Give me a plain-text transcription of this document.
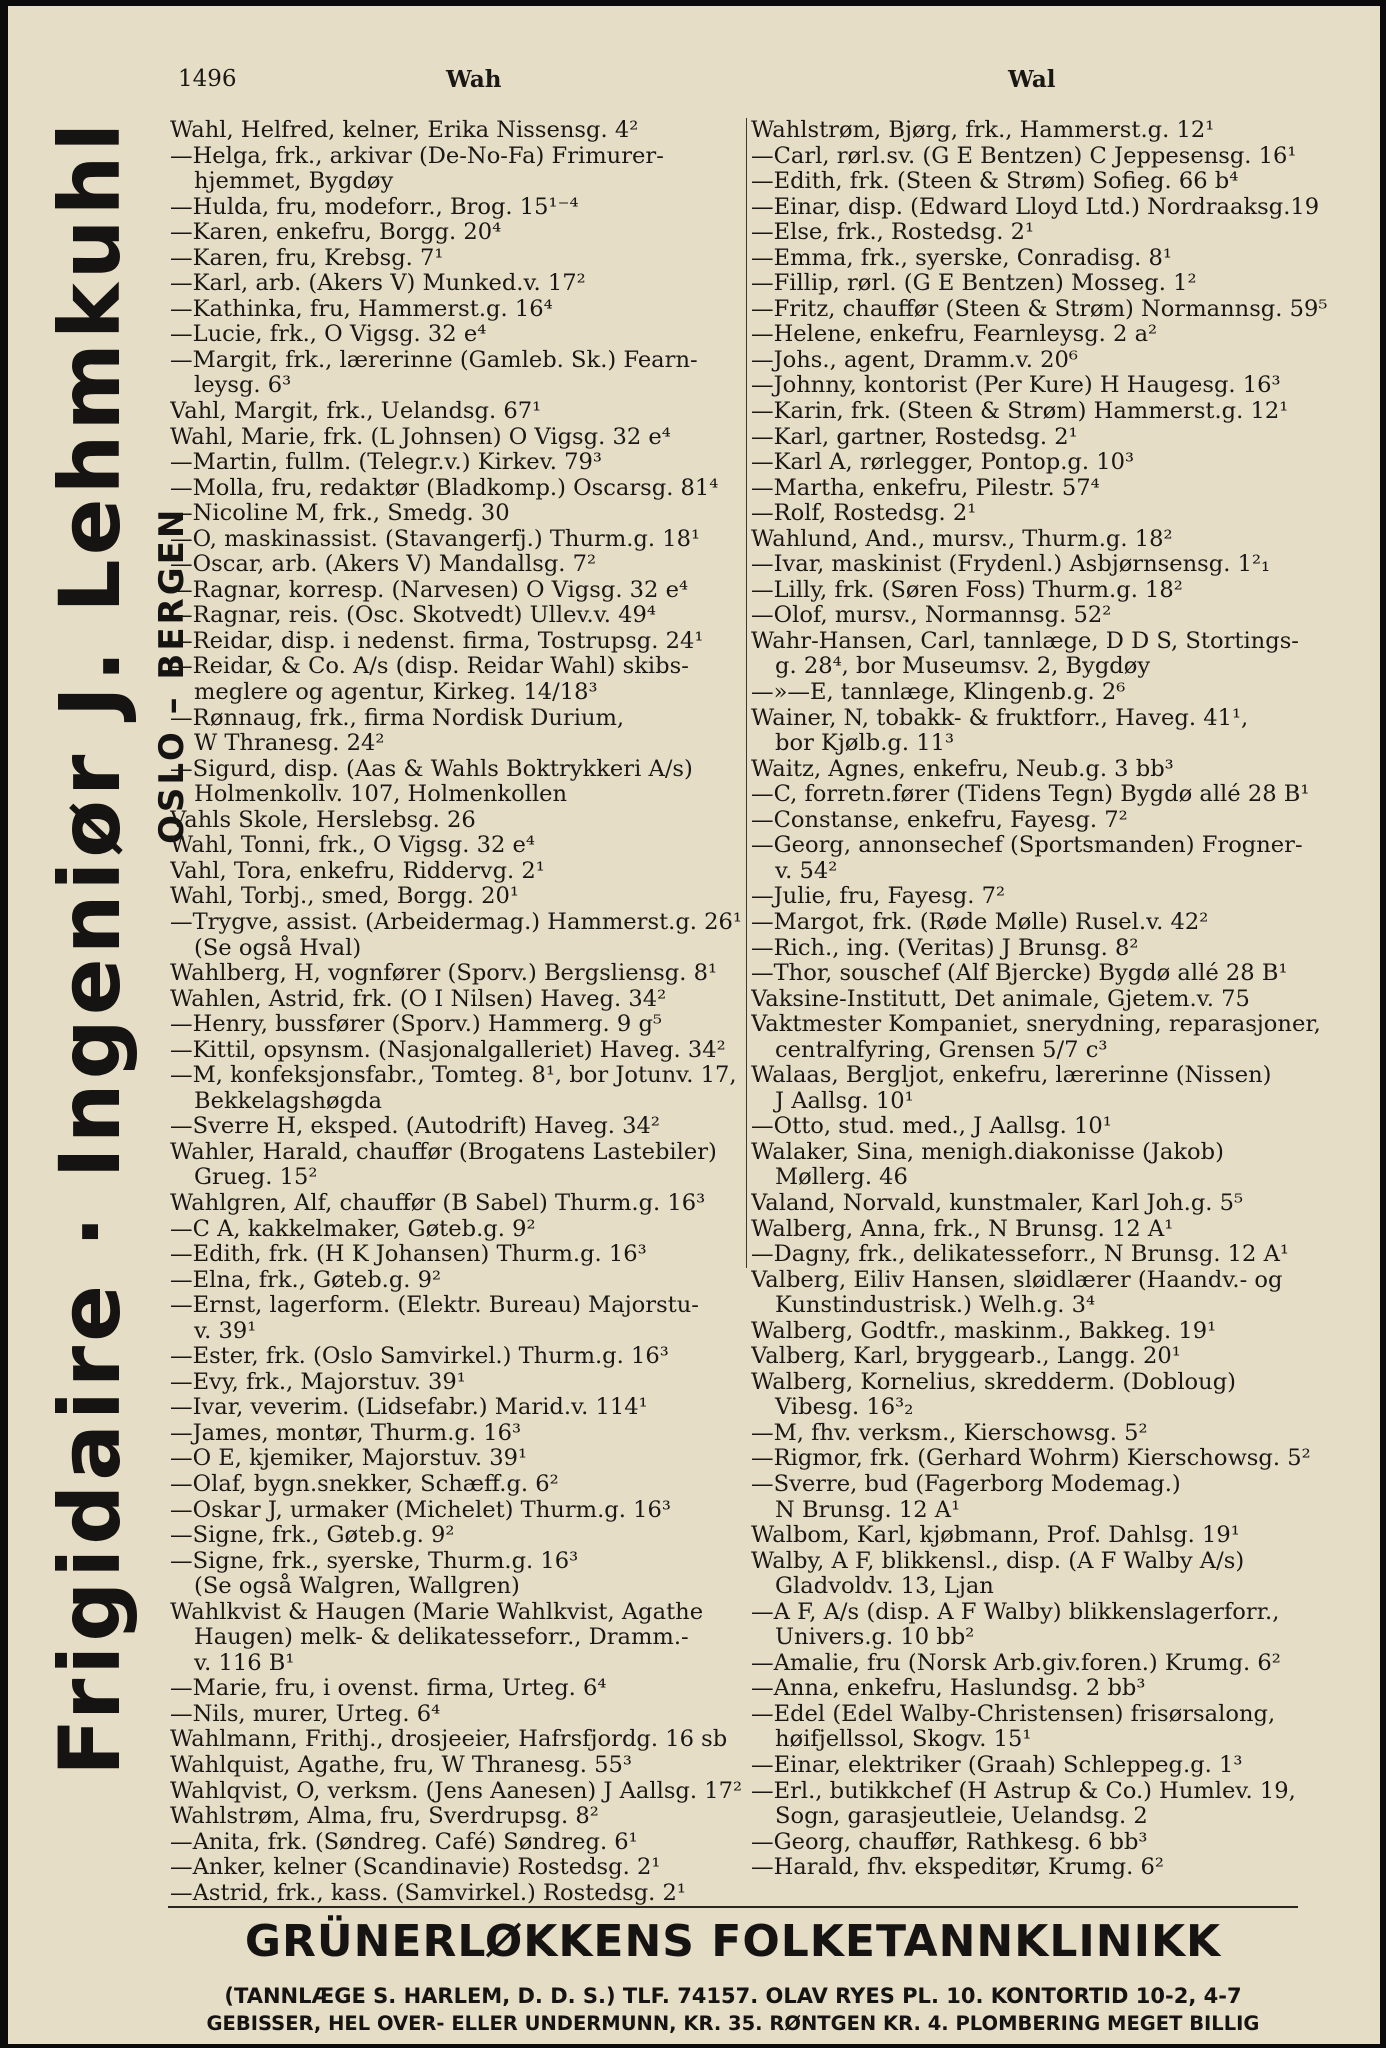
Frigidaire · Ingeniør J. Lehmkuhl OSLO – BERGEN
1496	Wah	Wal
Wahl, Helfred, kelner, Erika Nissensg. 4²
—Helga, frk., arkivar (De-No-Fa) Frimurer-
hjemmet, Bygdøy
—Hulda, fru, modeforr., Brog. 15¹⁻⁴
—Karen, enkefru, Borgg. 20⁴
—Karen, fru, Krebsg. 7¹
—Karl, arb. (Akers V) Munked.v. 17²
—Kathinka, fru, Hammerst.g. 16⁴
—Lucie, frk., O Vigsg. 32 e⁴
—Margit, frk., lærerinne (Gamleb. Sk.) Fearn-
leysg. 6³
Vahl, Margit, frk., Uelandsg. 67¹
Wahl, Marie, frk. (L Johnsen) O Vigsg. 32 e⁴
—Martin, fullm. (Telegr.v.) Kirkev. 79³
—Molla, fru, redaktør (Bladkomp.) Oscarsg. 81⁴
—Nicoline M, frk., Smedg. 30
—O, maskinassist. (Stavangerfj.) Thurm.g. 18¹
—Oscar, arb. (Akers V) Mandallsg. 7²
—Ragnar, korresp. (Narvesen) O Vigsg. 32 e⁴
—Ragnar, reis. (Osc. Skotvedt) Ullev.v. 49⁴
—Reidar, disp. i nedenst. firma, Tostrupsg. 24¹
—Reidar, & Co. A/s (disp. Reidar Wahl) skibs-
meglere og agentur, Kirkeg. 14/18³
—Rønnaug, frk., firma Nordisk Durium,
W Thranesg. 24²
—Sigurd, disp. (Aas & Wahls Boktrykkeri A/s)
Holmenkollv. 107, Holmenkollen
Vahls Skole, Herslebsg. 26
Wahl, Tonni, frk., O Vigsg. 32 e⁴
Vahl, Tora, enkefru, Riddervg. 2¹
Wahl, Torbj., smed, Borgg. 20¹
—Trygve, assist. (Arbeidermag.) Hammerst.g. 26¹
(Se også Hval)
Wahlberg, H, vognfører (Sporv.) Bergsliensg. 8¹
Wahlen, Astrid, frk. (O I Nilsen) Haveg. 34²
—Henry, bussfører (Sporv.) Hammerg. 9 g⁵
—Kittil, opsynsm. (Nasjonalgalleriet) Haveg. 34²
—M, konfeksjonsfabr., Tomteg. 8¹, bor Jotunv. 17,
Bekkelagshøgda
—Sverre H, eksped. (Autodrift) Haveg. 34²
Wahler, Harald, chauffør (Brogatens Lastebiler)
Grueg. 15²
Wahlgren, Alf, chauffør (B Sabel) Thurm.g. 16³
—C A, kakkelmaker, Gøteb.g. 9²
—Edith, frk. (H K Johansen) Thurm.g. 16³
—Elna, frk., Gøteb.g. 9²
—Ernst, lagerform. (Elektr. Bureau) Majorstu-
v. 39¹
—Ester, frk. (Oslo Samvirkel.) Thurm.g. 16³
—Evy, frk., Majorstuv. 39¹
—Ivar, veverim. (Lidsefabr.) Marid.v. 114¹
—James, montør, Thurm.g. 16³
—O E, kjemiker, Majorstuv. 39¹
—Olaf, bygn.snekker, Schæff.g. 6²
—Oskar J, urmaker (Michelet) Thurm.g. 16³
—Signe, frk., Gøteb.g. 9²
—Signe, frk., syerske, Thurm.g. 16³
(Se også Walgren, Wallgren)
Wahlkvist & Haugen (Marie Wahlkvist, Agathe
Haugen) melk- & delikatesseforr., Dramm.-
v. 116 B¹
—Marie, fru, i ovenst. firma, Urteg. 6⁴
—Nils, murer, Urteg. 6⁴
Wahlmann, Frithj., drosjeeier, Hafrsfjordg. 16 sb
Wahlquist, Agathe, fru, W Thranesg. 55³
Wahlqvist, O, verksm. (Jens Aanesen) J Aallsg. 17²
Wahlstrøm, Alma, fru, Sverdrupsg. 8²
—Anita, frk. (Søndreg. Café) Søndreg. 6¹
—Anker, kelner (Scandinavie) Rostedsg. 2¹
—Astrid, frk., kass. (Samvirkel.) Rostedsg. 2¹
Wahlstrøm, Bjørg, frk., Hammerst.g. 12¹
—Carl, rørl.sv. (G E Bentzen) C Jeppesensg. 16¹
—Edith, frk. (Steen & Strøm) Sofieg. 66 b⁴
—Einar, disp. (Edward Lloyd Ltd.) Nordraaksg.19
—Else, frk., Rostedsg. 2¹
—Emma, frk., syerske, Conradisg. 8¹
—Fillip, rørl. (G E Bentzen) Mosseg. 1²
—Fritz, chauffør (Steen & Strøm) Normannsg. 59⁵
—Helene, enkefru, Fearnleysg. 2 a²
—Johs., agent, Dramm.v. 20⁶
—Johnny, kontorist (Per Kure) H Haugesg. 16³
—Karin, frk. (Steen & Strøm) Hammerst.g. 12¹
—Karl, gartner, Rostedsg. 2¹
—Karl A, rørlegger, Pontop.g. 10³
—Martha, enkefru, Pilestr. 57⁴
—Rolf, Rostedsg. 2¹
Wahlund, And., mursv., Thurm.g. 18²
—Ivar, maskinist (Frydenl.) Asbjørnsensg. 1²₁
—Lilly, frk. (Søren Foss) Thurm.g. 18²
—Olof, mursv., Normannsg. 52²
Wahr-Hansen, Carl, tannlæge, D D S, Stortings-
g. 28⁴, bor Museumsv. 2, Bygdøy
—»—E, tannlæge, Klingenb.g. 2⁶
Wainer, N, tobakk- & fruktforr., Haveg. 41¹,
bor Kjølb.g. 11³
Waitz, Agnes, enkefru, Neub.g. 3 bb³
—C, forretn.fører (Tidens Tegn) Bygdø allé 28 B¹
—Constanse, enkefru, Fayesg. 7²
—Georg, annonsechef (Sportsmanden) Frogner-
v. 54²
—Julie, fru, Fayesg. 7²
—Margot, frk. (Røde Mølle) Rusel.v. 42²
—Rich., ing. (Veritas) J Brunsg. 8²
—Thor, souschef (Alf Bjercke) Bygdø allé 28 B¹
Vaksine-Institutt, Det animale, Gjetem.v. 75
Vaktmester Kompaniet, snerydning, reparasjoner,
centralfyring, Grensen 5/7 c³
Walaas, Bergljot, enkefru, lærerinne (Nissen)
J Aallsg. 10¹
—Otto, stud. med., J Aallsg. 10¹
Walaker, Sina, menigh.diakonisse (Jakob)
Møllerg. 46
Valand, Norvald, kunstmaler, Karl Joh.g. 5⁵
Walberg, Anna, frk., N Brunsg. 12 A¹
—Dagny, frk., delikatesseforr., N Brunsg. 12 A¹
Valberg, Eiliv Hansen, sløidlærer (Haandv.- og
Kunstindustrisk.) Welh.g. 3⁴
Walberg, Godtfr., maskinm., Bakkeg. 19¹
Valberg, Karl, bryggearb., Langg. 20¹
Walberg, Kornelius, skredderm. (Dobloug)
Vibesg. 16³₂
—M, fhv. verksm., Kierschowsg. 5²
—Rigmor, frk. (Gerhard Wohrm) Kierschowsg. 5²
—Sverre, bud (Fagerborg Modemag.)
N Brunsg. 12 A¹
Walbom, Karl, kjøbmann, Prof. Dahlsg. 19¹
Walby, A F, blikkensl., disp. (A F Walby A/s)
Gladvoldv. 13, Ljan
—A F, A/s (disp. A F Walby) blikkenslagerforr.,
Univers.g. 10 bb²
—Amalie, fru (Norsk Arb.giv.foren.) Krumg. 6²
—Anna, enkefru, Haslundsg. 2 bb³
—Edel (Edel Walby-Christensen) frisørsalong,
høifjellssol, Skogv. 15¹
—Einar, elektriker (Graah) Schleppeg.g. 1³
—Erl., butikkchef (H Astrup & Co.) Humlev. 19,
Sogn, garasjeutleie, Uelandsg. 2
—Georg, chauffør, Rathkesg. 6 bb³
—Harald, fhv. ekspeditør, Krumg. 6²
GRÜNERLØKKENS FOLKETANNKLINIKK
(TANNLÆGE S. HARLEM, D. D. S.) TLF. 74157. OLAV RYES PL. 10. KONTORTID 10-2, 4-7
GEBISSER, HEL OVER- ELLER UNDERMUNN, KR. 35. RØNTGEN KR. 4. PLOMBERING MEGET BILLIG
